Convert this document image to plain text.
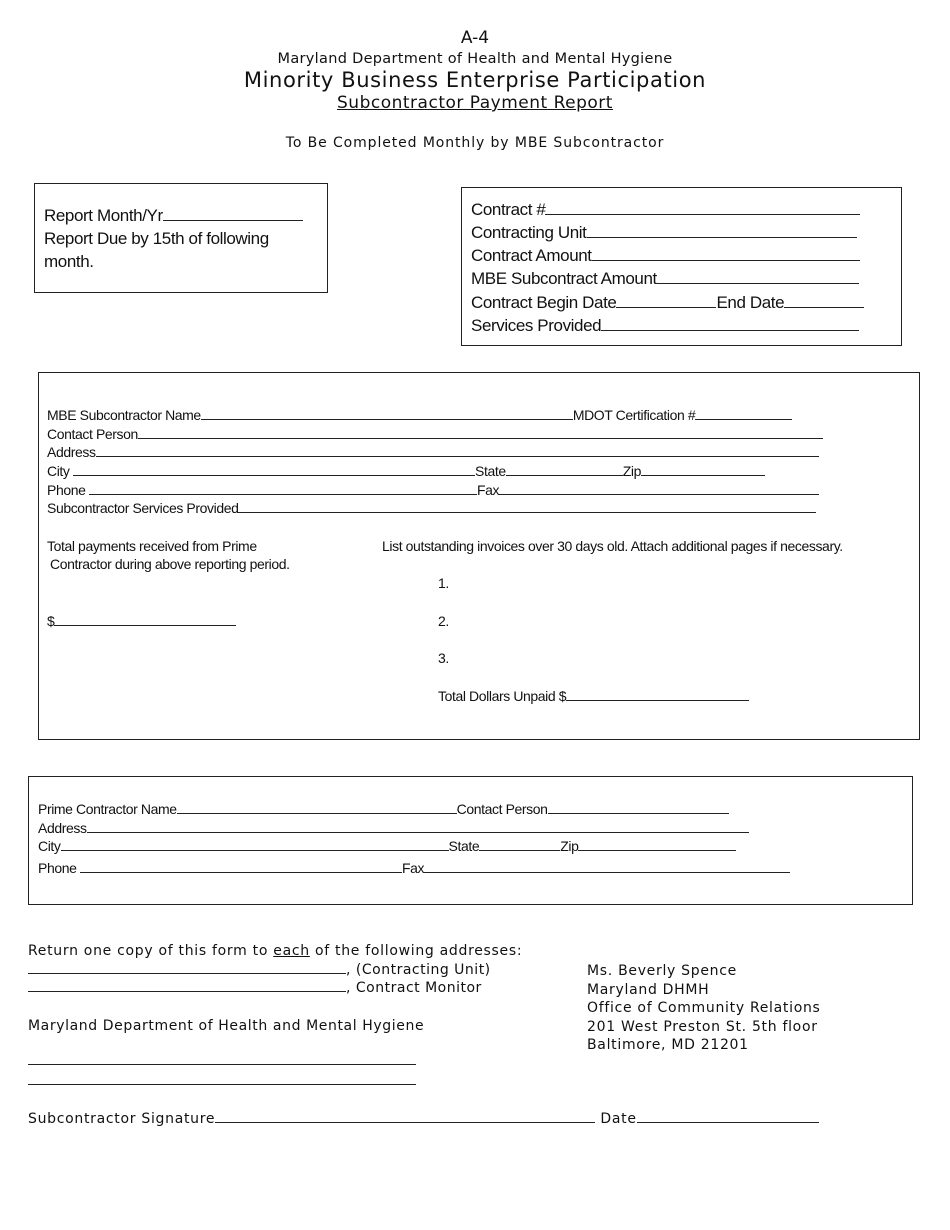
A-4
Maryland Department of Health and Mental Hygiene
Minority Business Enterprise Participation
Subcontractor Payment Report
To Be Completed Monthly by MBE Subcontractor
Report Month/Yr
Report Due by 15th of following
month.
Contract #
Contracting Unit
Contract Amount
MBE Subcontract Amount
Contract Begin Date	End Date
Services Provided
MBE Subcontractor Name	MDOT Certification #
Contact Person
Address
City	State	Zip
Phone	Fax
Subcontractor Services Provided
Total payments received from Prime
Contractor during above reporting period.
$
List outstanding invoices over 30 days old. Attach additional pages if necessary.
1.
2.
3.
Total Dollars Unpaid $
Prime Contractor Name	Contact Person
Address
City	State	Zip
Phone	Fax
Return one copy of this form to each of the following addresses:
, (Contracting Unit)
, Contract Monitor
Maryland Department of Health and Mental Hygiene
Ms. Beverly Spence
Maryland DHMH
Office of Community Relations
201 West Preston St. 5th floor
Baltimore, MD 21201
Subcontractor Signature	Date
